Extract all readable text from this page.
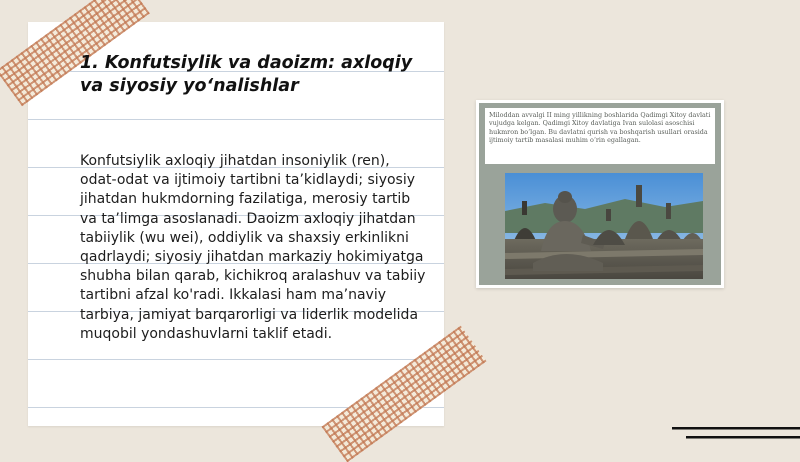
1. Konfutsiylik va daoizm: axloqiy va siyosiy yo‘nalishlar

Konfutsiylik axloqiy jihatdan insoniylik (ren), odat-odat va ijtimoiy tartibni ta’kidlaydi; siyosiy jihatdan hukmdorning fazilatiga, merosiy tartib va ta’limga asoslanadi. Daoizm axloqiy jihatdan tabiiylik (wu wei), oddiylik va shaxsiy erkinlikni qadrlaydi; siyosiy jihatdan markaziy hokimiyatga shubha bilan qarab, kichikroq aralashuv va tabiiy tartibni afzal ko'radi. Ikkalasi ham ma’naviy tarbiya, jamiyat barqarorligi va liderlik modelida muqobil yondashuvlarni taklif etadi.

Miloddan avvalgi II ming yillikning boshlarida Qadimgi Xitoy davlati vujudga kelgan. Qadimgi Xitoy davlatiga Ivan sulolasi asoschisi hukmron bo‘lgan. Bu davlatni qurish va boshqarish usullari orasida ijtimoiy tartib masalasi muhim o‘rin egallagan.
